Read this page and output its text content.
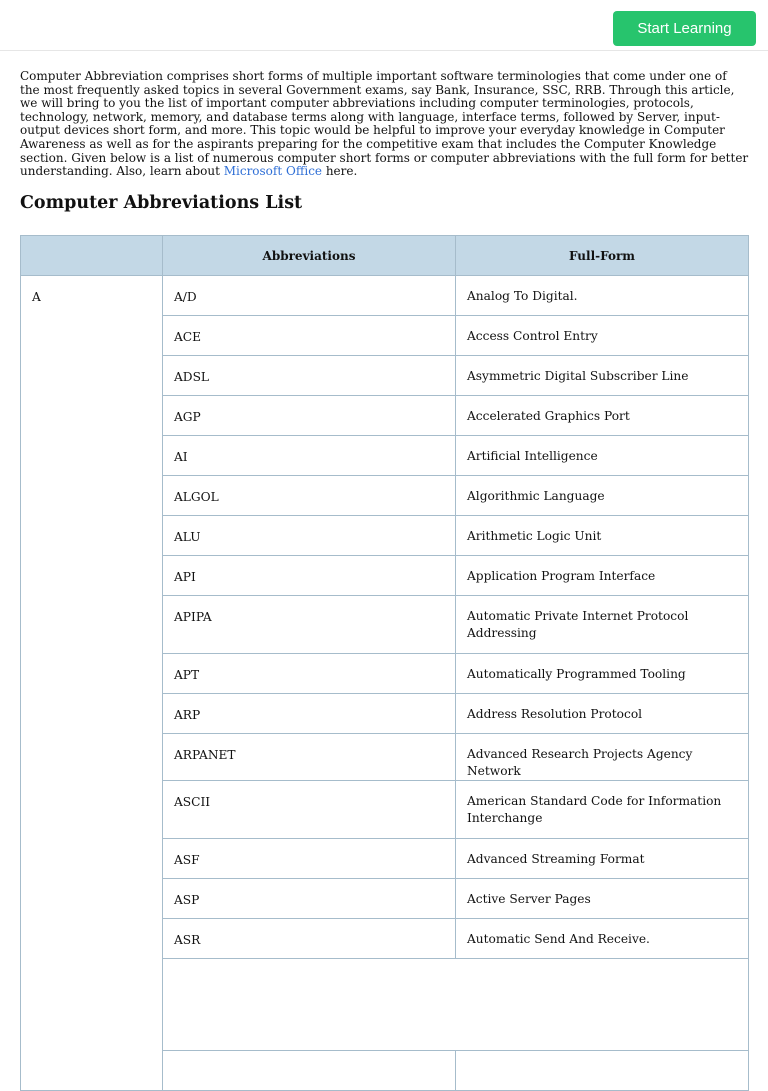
Start Learning

Computer Abbreviation comprises short forms of multiple important software terminologies that come under one of the most frequently asked topics in several Government exams, say Bank, Insurance, SSC, RRB. Through this article, we will bring to you the list of important computer abbreviations including computer terminologies, protocols, technology, network, memory, and database terms along with language, interface terms, followed by Server, input-output devices short form, and more. This topic would be helpful to improve your everyday knowledge in Computer Awareness as well as for the aspirants preparing for the competitive exam that includes the Computer Knowledge section. Given below is a list of numerous computer short forms or computer abbreviations with the full form for better understanding. Also, learn about Microsoft Office here.

Computer Abbreviations List
	Abbreviations	Full-Form
A	A/D	Analog To Digital.
	ACE	Access Control Entry
	ADSL	Asymmetric Digital Subscriber Line
	AGP	Accelerated Graphics Port
	AI	Artificial Intelligence
	ALGOL	Algorithmic Language
	ALU	Arithmetic Logic Unit
	API	Application Program Interface
	APIPA	Automatic Private Internet Protocol Addressing
	APT	Automatically Programmed Tooling
	ARP	Address Resolution Protocol
	ARPANET	Advanced Research Projects Agency Network
	ASCII	American Standard Code for Information Interchange
	ASF	Advanced Streaming Format
	ASP	Active Server Pages
	ASR	Automatic Send And Receive.
